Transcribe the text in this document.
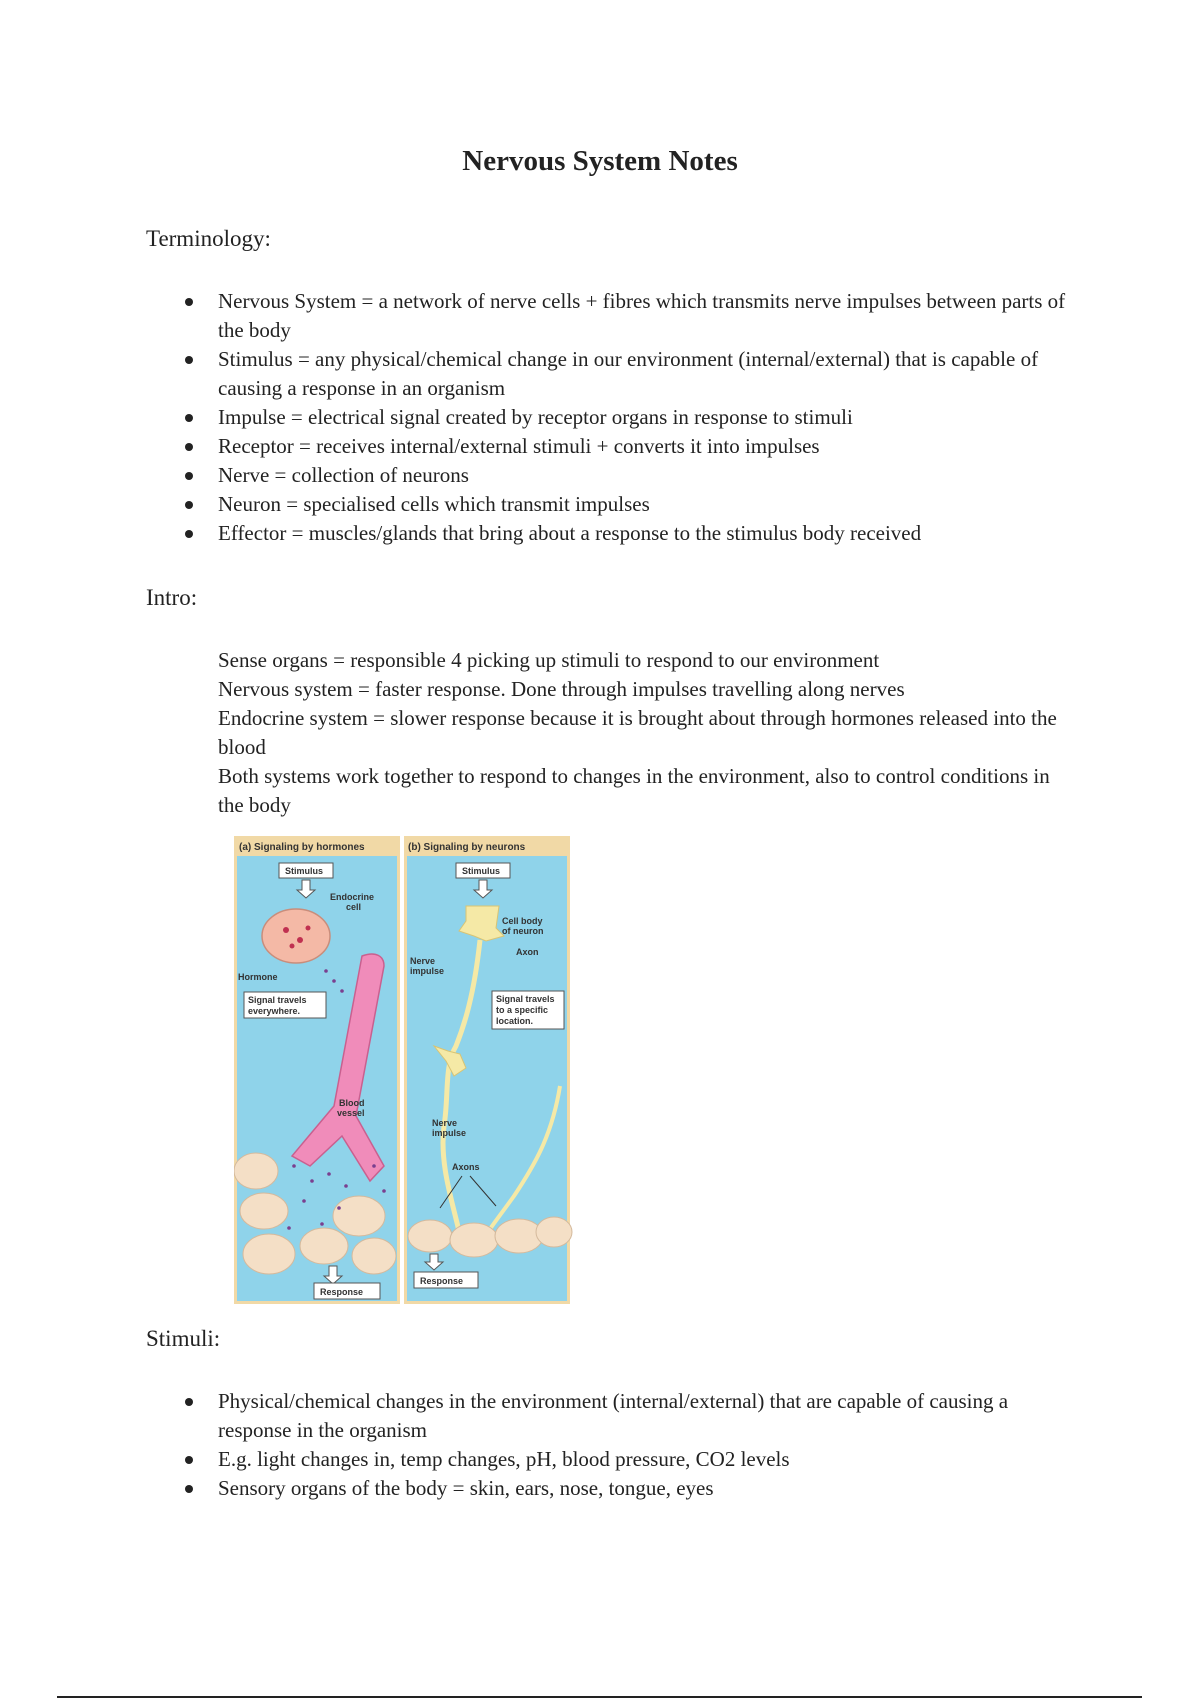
Nervous System Notes
Terminology:
Nervous System = a network of nerve cells + fibres which transmits nerve impulses between parts of the body
Stimulus = any physical/chemical change in our environment (internal/external) that is capable of causing a response in an organism
Impulse = electrical signal created by receptor organs in response to stimuli
Receptor = receives internal/external stimuli + converts it into impulses
Nerve = collection of neurons
Neuron = specialised cells which transmit impulses
Effector = muscles/glands that bring about a response to the stimulus body received
Intro:

Sense organs = responsible 4 picking up stimuli to respond to our environment

Nervous system = faster response. Done through impulses travelling along nerves

Endocrine system = slower response because it is brought about through hormones released into the blood

Both systems work together to respond to changes in the environment, also to control conditions in the body

(a) Signaling by hormones	(b) Signaling by neurons
Stimulus
Endocrine
cell
Blood
vessel
Hormone
Signal travels
everywhere.
Response
Stimulus
Cell body
of neuron
Axon
Nerve
impulse
Signal travels
to a specific
location.
Nerve
impulse
Axons
Response
Stimuli:
Physical/chemical changes in the environment (internal/external) that are capable of causing a response in the organism
E.g. light changes in, temp changes, pH, blood pressure, CO2 levels
Sensory organs of the body = skin, ears, nose, tongue, eyes
